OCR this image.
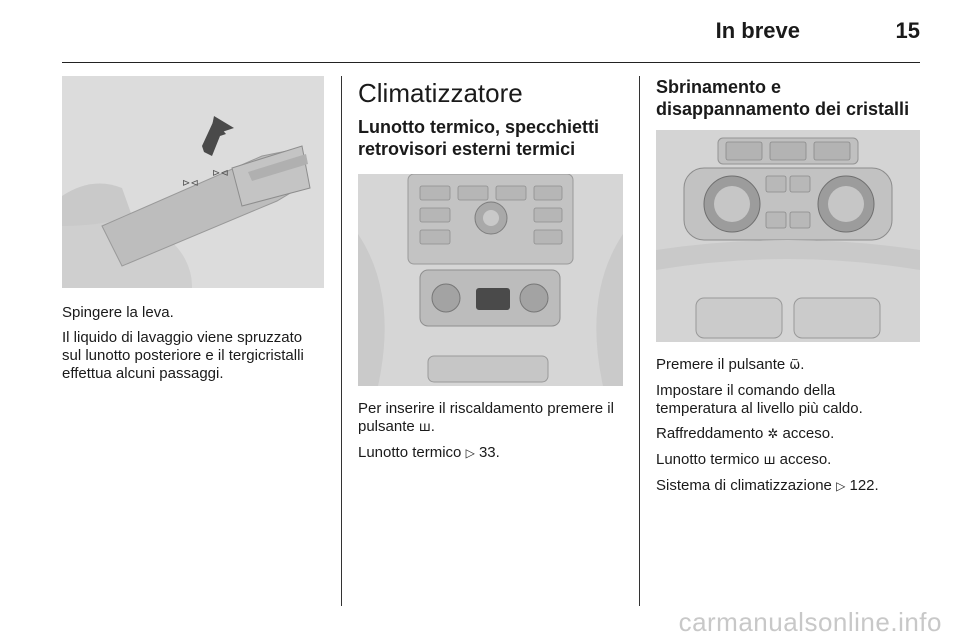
In breve	15
⊳⊲
⊳⊲

Spingere la leva.

Il liquido di lavaggio viene spruzzato sul lunotto posteriore e il tergicristalli effettua alcuni passaggi.

Climatizzatore
Lunotto termico, specchietti retrovisori esterni termici

Per inserire il riscaldamento premere il pulsante ш.

Lunotto termico ▷ 33.

Sbrinamento e disappannamento dei cristalli

Premere il pulsante ѿ.

Impostare il comando della temperatura al livello più caldo.

Raffreddamento ✲ acceso.

Lunotto termico ш acceso.

Sistema di climatizzazione ▷ 122.

carmanualsonline.info
